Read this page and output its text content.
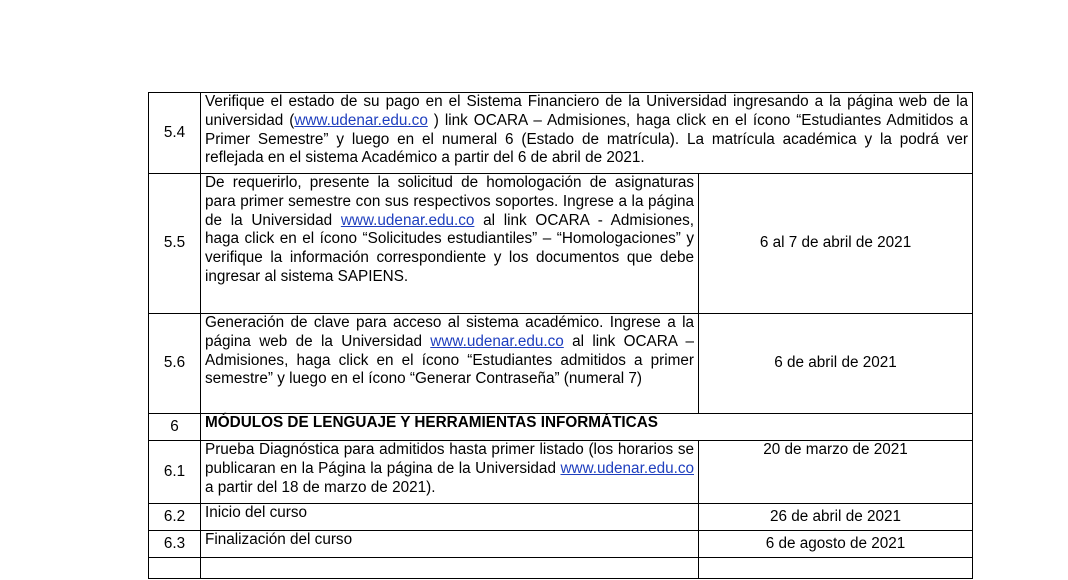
5.4	Verifique el estado de su pago en el Sistema Financiero de la Universidad ingresando a la página web de la universidad (www.udenar.edu.co ) link OCARA – Admisiones, haga click en el ícono “Estudiantes Admitidos a Primer Semestre” y luego en el numeral 6 (Estado de matrícula). La matrícula académica y la podrá ver reflejada en el sistema Académico a partir del 6 de abril de 2021.	
5.5	De requerirlo, presente la solicitud de homologación de asignaturas para primer semestre con sus respectivos soportes. Ingrese a la página de la Universidad www.udenar.edu.co al link OCARA - Admisiones, haga click en el ícono “Solicitudes estudiantiles” – “Homologaciones” y verifique la información correspondiente y los documentos que debe ingresar al sistema SAPIENS.	6 al 7 de abril de 2021
5.6	Generación de clave para acceso al sistema académico. Ingrese a la página web de la Universidad www.udenar.edu.co al link OCARA – Admisiones, haga click en el ícono “Estudiantes admitidos a primer semestre” y luego en el ícono “Generar Contraseña” (numeral 7)	6 de abril de 2021
6	MÓDULOS DE LENGUAJE Y HERRAMIENTAS INFORMÁTICAS	
6.1	Prueba Diagnóstica para admitidos hasta primer listado (los horarios se publicaran en la Página la página de la Universidad www.udenar.edu.co a partir del 18 de marzo de 2021).	20 de marzo de 2021
6.2	Inicio del curso	26 de abril de 2021
6.3	Finalización del curso	6 de agosto de 2021
